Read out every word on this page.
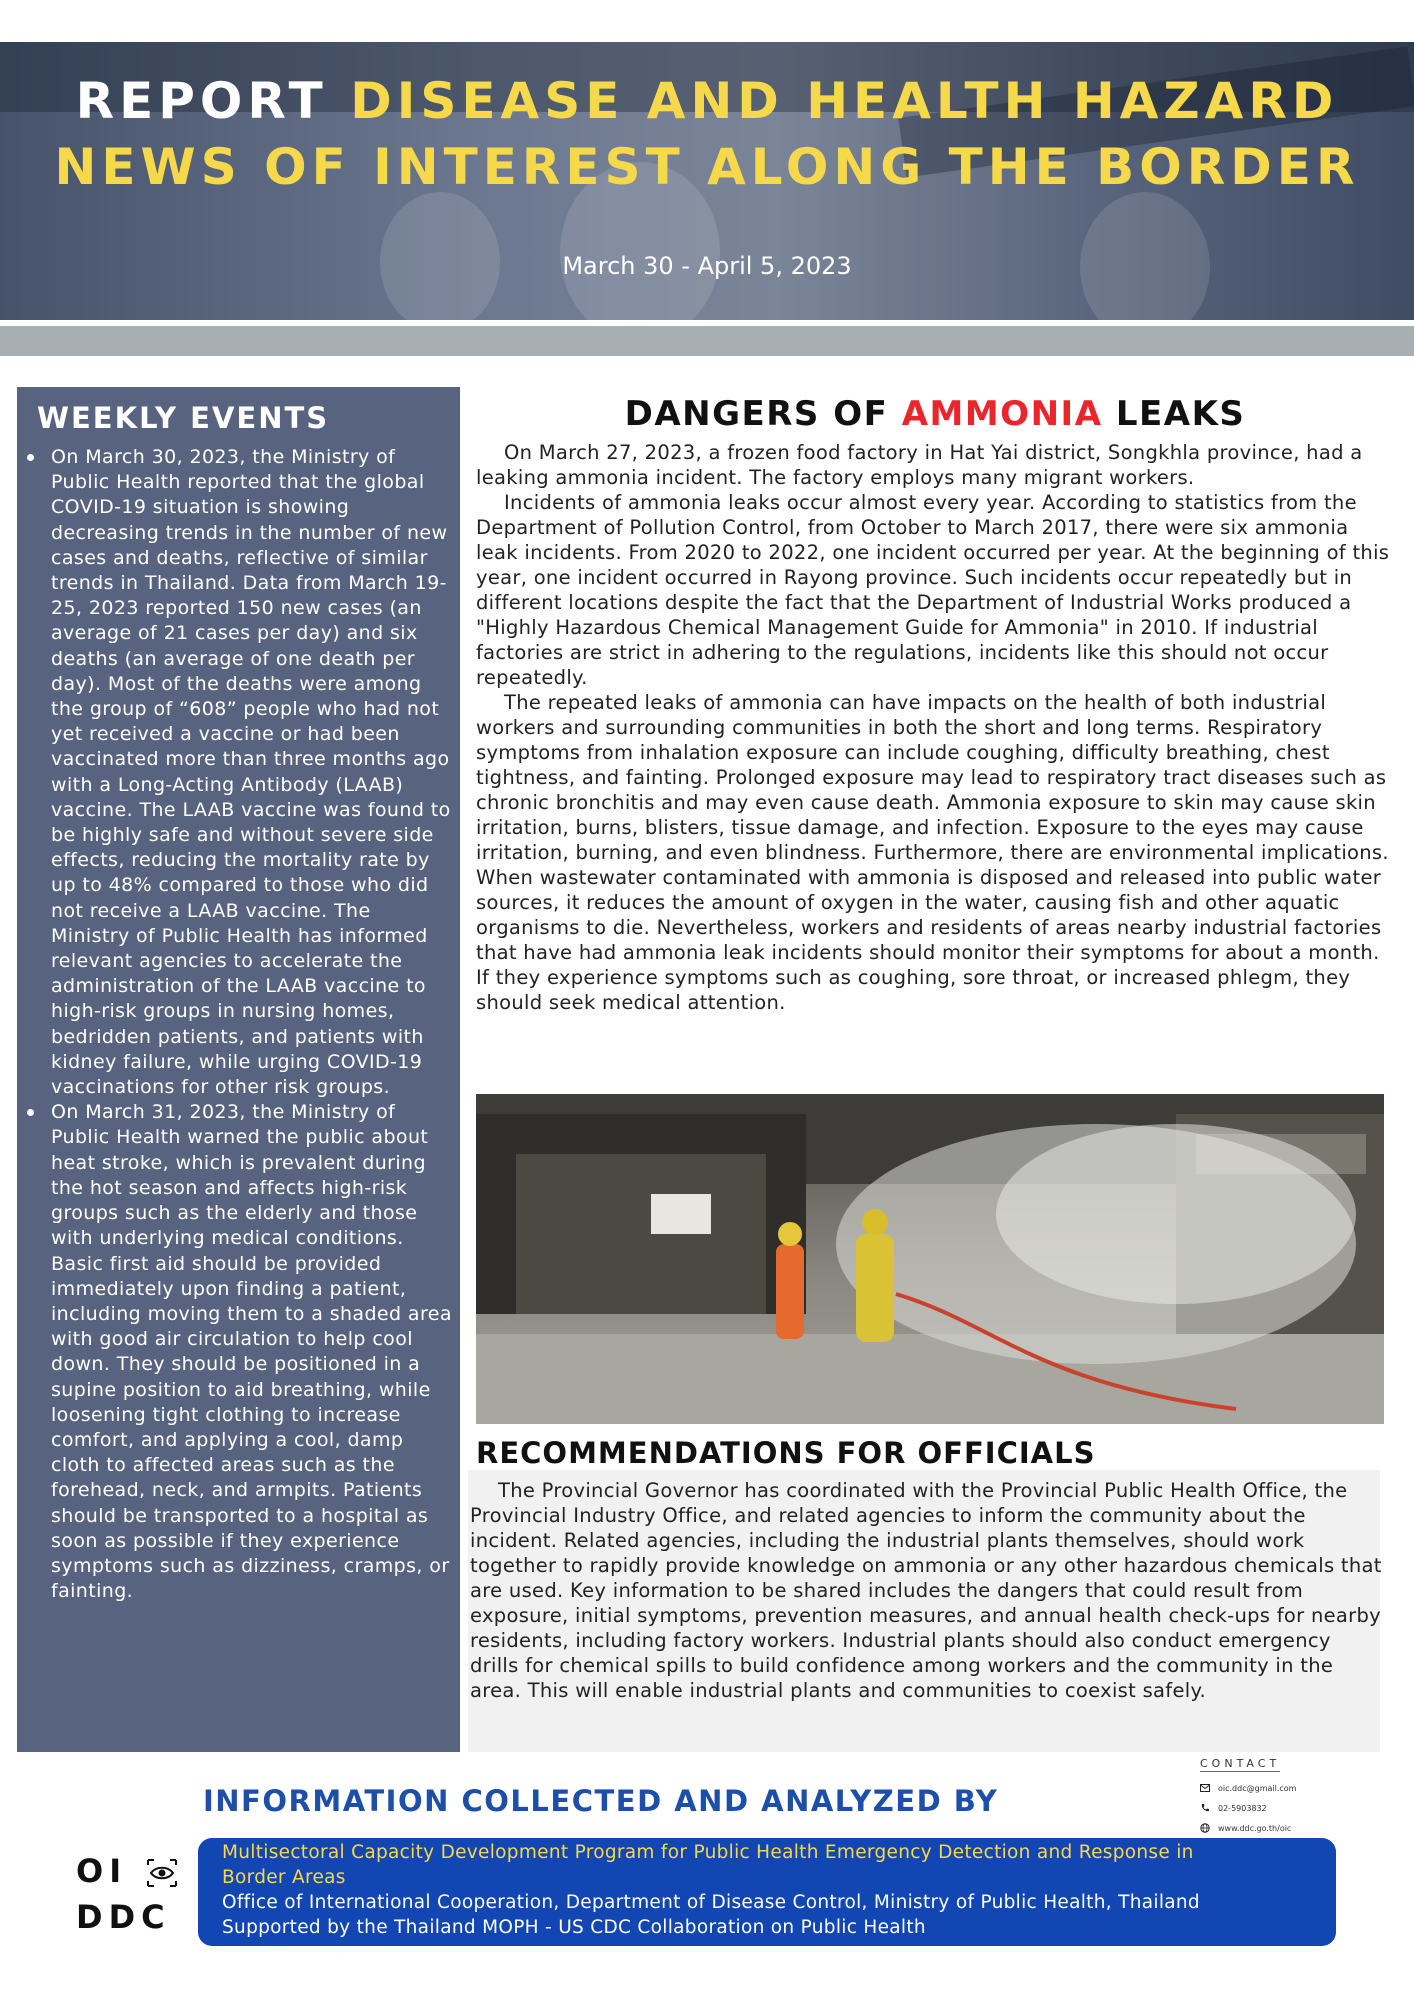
REPORT DISEASE AND HEALTH HAZARD
NEWS OF INTEREST ALONG THE BORDER
March 30 - April 5, 2023
WEEKLY EVENTS
On March 30, 2023, the Ministry of Public Health reported that the global COVID-19 situation is showing decreasing trends in the number of new cases and deaths, reflective of similar trends in Thailand. Data from March 19-25, 2023 reported 150 new cases (an average of 21 cases per day) and six deaths (an average of one death per day). Most of the deaths were among the group of “608” people who had not yet received a vaccine or had been vaccinated more than three months ago with a Long-Acting Antibody (LAAB) vaccine. The LAAB vaccine was found to be highly safe and without severe side effects, reducing the mortality rate by up to 48% compared to those who did not receive a LAAB vaccine. The Ministry of Public Health has informed relevant agencies to accelerate the administration of the LAAB vaccine to high-risk groups in nursing homes, bedridden patients, and patients with kidney failure, while urging COVID-19 vaccinations for other risk groups.
On March 31, 2023, the Ministry of Public Health warned the public about heat stroke, which is prevalent during the hot season and affects high-risk groups such as the elderly and those with underlying medical conditions. Basic first aid should be provided immediately upon finding a patient, including moving them to a shaded area with good air circulation to help cool down. They should be positioned in a supine position to aid breathing, while loosening tight clothing to increase comfort, and applying a cool, damp cloth to affected areas such as the forehead, neck, and armpits. Patients should be transported to a hospital as soon as possible if they experience symptoms such as dizziness, cramps, or fainting.
DANGERS OF AMMONIA LEAKS

On March 27, 2023, a frozen food factory in Hat Yai district, Songkhla province, had a leaking ammonia incident. The factory employs many migrant workers.

Incidents of ammonia leaks occur almost every year. According to statistics from the Department of Pollution Control, from October to March 2017, there were six ammonia leak incidents. From 2020 to 2022, one incident occurred per year. At the beginning of this year, one incident occurred in Rayong province. Such incidents occur repeatedly but in different locations despite the fact that the Department of Industrial Works produced a "Highly Hazardous Chemical Management Guide for Ammonia" in 2010. If industrial factories are strict in adhering to the regulations, incidents like this should not occur repeatedly.

The repeated leaks of ammonia can have impacts on the health of both industrial workers and surrounding communities in both the short and long terms. Respiratory symptoms from inhalation exposure can include coughing, difficulty breathing, chest tightness, and fainting. Prolonged exposure may lead to respiratory tract diseases such as chronic bronchitis and may even cause death. Ammonia exposure to skin may cause skin irritation, burns, blisters, tissue damage, and infection. Exposure to the eyes may cause irritation, burning, and even blindness. Furthermore, there are environmental implications. When wastewater contaminated with ammonia is disposed and released into public water sources, it reduces the amount of oxygen in the water, causing fish and other aquatic organisms to die. Nevertheless, workers and residents of areas nearby industrial factories that have had ammonia leak incidents should monitor their symptoms for about a month. If they experience symptoms such as coughing, sore throat, or increased phlegm, they should seek medical attention.

RECOMMENDATIONS FOR OFFICIALS

The Provincial Governor has coordinated with the Provincial Public Health Office, the Provincial Industry Office, and related agencies to inform the community about the incident. Related agencies, including the industrial plants themselves, should work together to rapidly provide knowledge on ammonia or any other hazardous chemicals that are used. Key information to be shared includes the dangers that could result from exposure, initial symptoms, prevention measures, and annual health check-ups for nearby residents, including factory workers. Industrial plants should also conduct emergency drills for chemical spills to build confidence among workers and the community in the area. This will enable industrial plants and communities to coexist safely.

INFORMATION COLLECTED AND ANALYZED BY
CONTACT
oic.ddc@gmail.com
02-5903832
www.ddc.go.th/oic
OI
DDC
Multisectoral Capacity Development Program for Public Health Emergency Detection and Response in
Border Areas
Office of International Cooperation, Department of Disease Control, Ministry of Public Health, Thailand
Supported by the Thailand MOPH - US CDC Collaboration on Public Health
